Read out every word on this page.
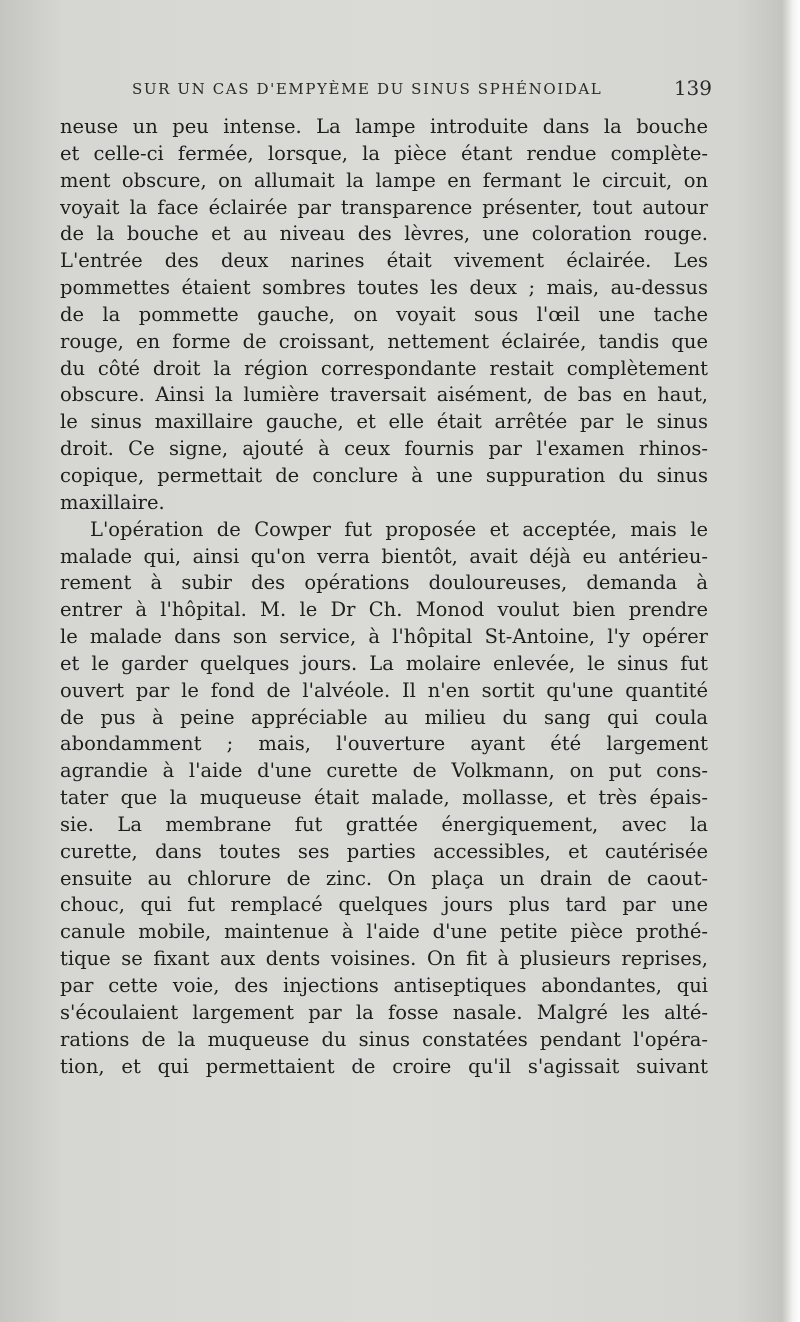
SUR UN CAS D'EMPYÈME DU SINUS SPHÉNOIDAL	139
neuse un peu intense. La lampe introduite dans la bouche
et celle-ci fermée, lorsque, la pièce étant rendue complète-
ment obscure, on allumait la lampe en fermant le circuit, on
voyait la face éclairée par transparence présenter, tout autour
de la bouche et au niveau des lèvres, une coloration rouge.
L'entrée des deux narines était vivement éclairée. Les
pommettes étaient sombres toutes les deux ; mais, au-dessus
de la pommette gauche, on voyait sous l'œil une tache
rouge, en forme de croissant, nettement éclairée, tandis que
du côté droit la région correspondante restait complètement
obscure. Ainsi la lumière traversait aisément, de bas en haut,
le sinus maxillaire gauche, et elle était arrêtée par le sinus
droit. Ce signe, ajouté à ceux fournis par l'examen rhinos-
copique, permettait de conclure à une suppuration du sinus
maxillaire.
L'opération de Cowper fut proposée et acceptée, mais le
malade qui, ainsi qu'on verra bientôt, avait déjà eu antérieu-
rement à subir des opérations douloureuses, demanda à
entrer à l'hôpital. M. le Dr Ch. Monod voulut bien prendre
le malade dans son service, à l'hôpital St-Antoine, l'y opérer
et le garder quelques jours. La molaire enlevée, le sinus fut
ouvert par le fond de l'alvéole. Il n'en sortit qu'une quantité
de pus à peine appréciable au milieu du sang qui coula
abondamment ; mais, l'ouverture ayant été largement
agrandie à l'aide d'une curette de Volkmann, on put cons-
tater que la muqueuse était malade, mollasse, et très épais-
sie. La membrane fut grattée énergiquement, avec la
curette, dans toutes ses parties accessibles, et cautérisée
ensuite au chlorure de zinc. On plaça un drain de caout-
chouc, qui fut remplacé quelques jours plus tard par une
canule mobile, maintenue à l'aide d'une petite pièce prothé-
tique se fixant aux dents voisines. On fit à plusieurs reprises,
par cette voie, des injections antiseptiques abondantes, qui
s'écoulaient largement par la fosse nasale. Malgré les alté-
rations de la muqueuse du sinus constatées pendant l'opéra-
tion, et qui permettaient de croire qu'il s'agissait suivant
